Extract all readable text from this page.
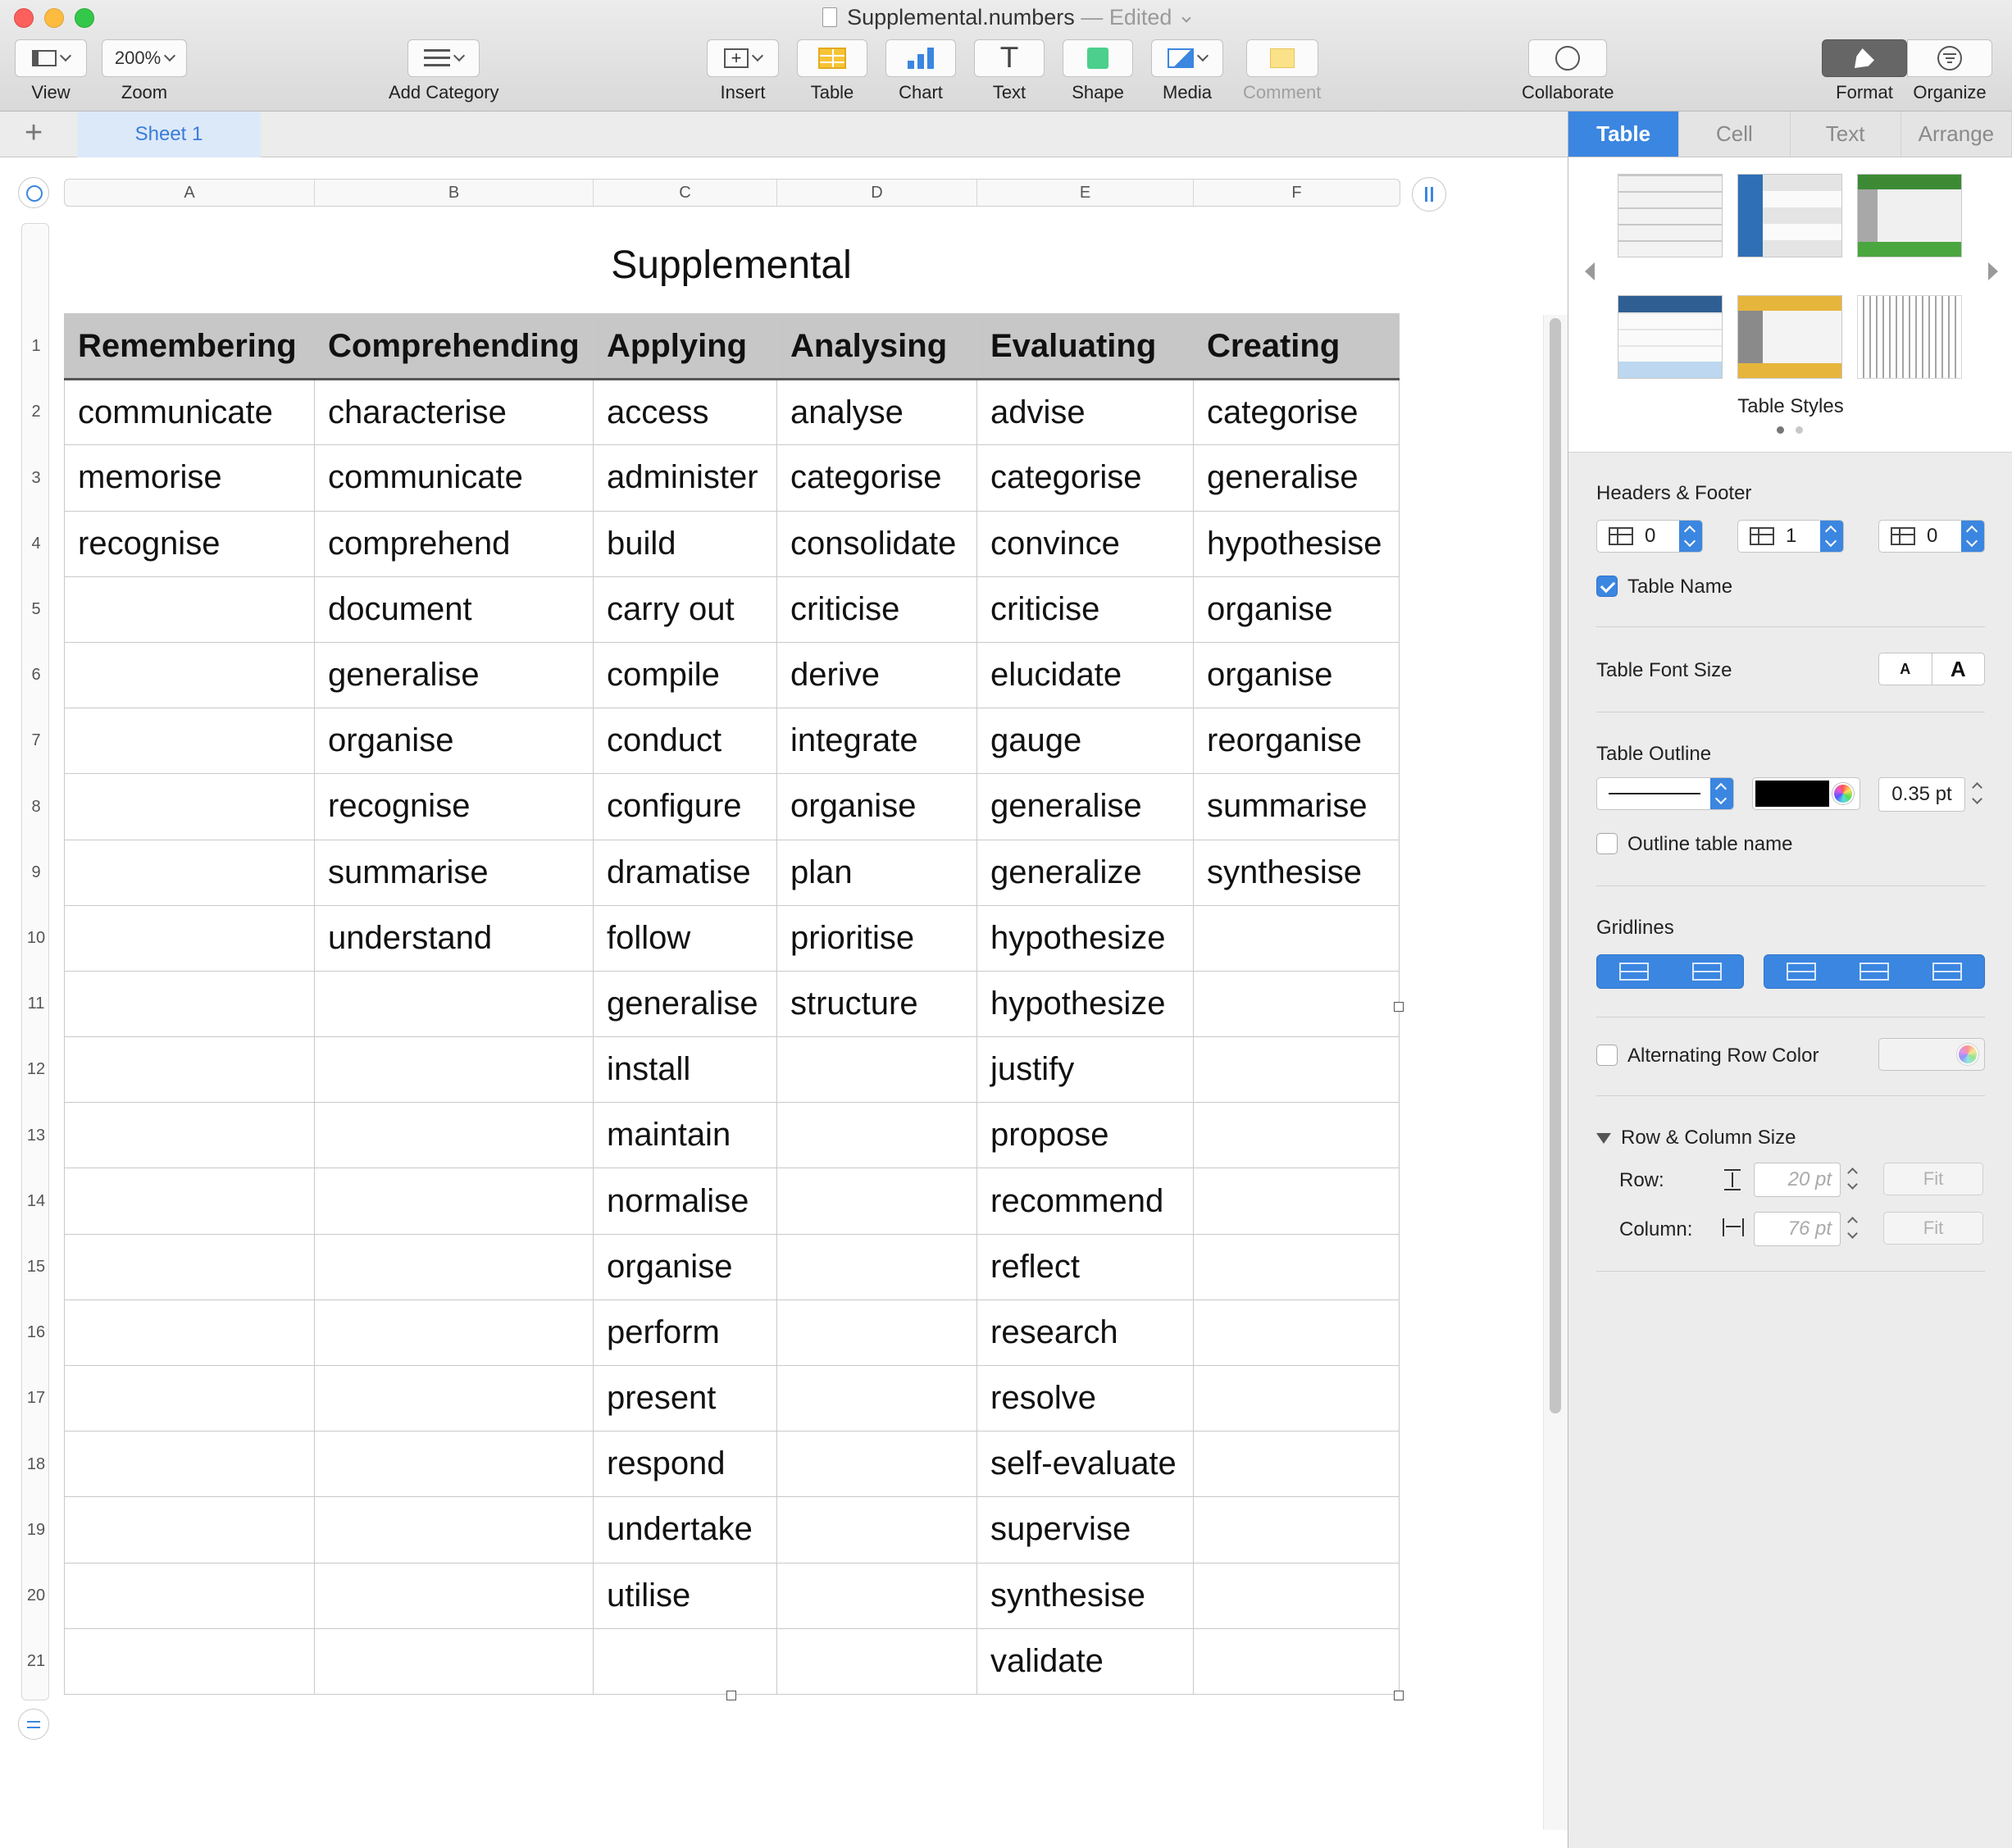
Supplemental.numbers — Edited
View
200%
Zoom	Add Category
+
Insert	Table Chart
T
Text	Shape Media Comment	Collaborate	Format Organize
+	Sheet 1
A	B	C	D	E	F
1
2
3
4
5
6
7
8
9
10
11
12
13
14
15
16
17
18
19
20
21
Supplemental
Remembering	Comprehending	Applying	Analysing	Evaluating	Creating
communicate	characterise	access	analyse	advise	categorise
memorise	communicate	administer	categorise	categorise	generalise
recognise	comprehend	build	consolidate	convince	hypothesise
	document	carry out	criticise	criticise	organise
	generalise	compile	derive	elucidate	organise
	organise	conduct	integrate	gauge	reorganise
	recognise	configure	organise	generalise	summarise
	summarise	dramatise	plan	generalize	synthesise
	understand	follow	prioritise	hypothesize	
		generalise	structure	hypothesize	
		install		justify	
		maintain		propose	
		normalise		recommend	
		organise		reflect	
		perform		research	
		present		resolve	
		respond		self-evaluate	
		undertake		supervise	
		utilise		synthesise	
				validate	
Table	Cell	Text	Arrange
Table Styles
Headers & Footer
0	1	0
Table Name
Table Font Size	A	A
Table Outline
0.35 pt
Outline table name
Gridlines
Alternating Row Color
Row & Column Size
Row:	20 pt	Fit
Column:	76 pt	Fit
